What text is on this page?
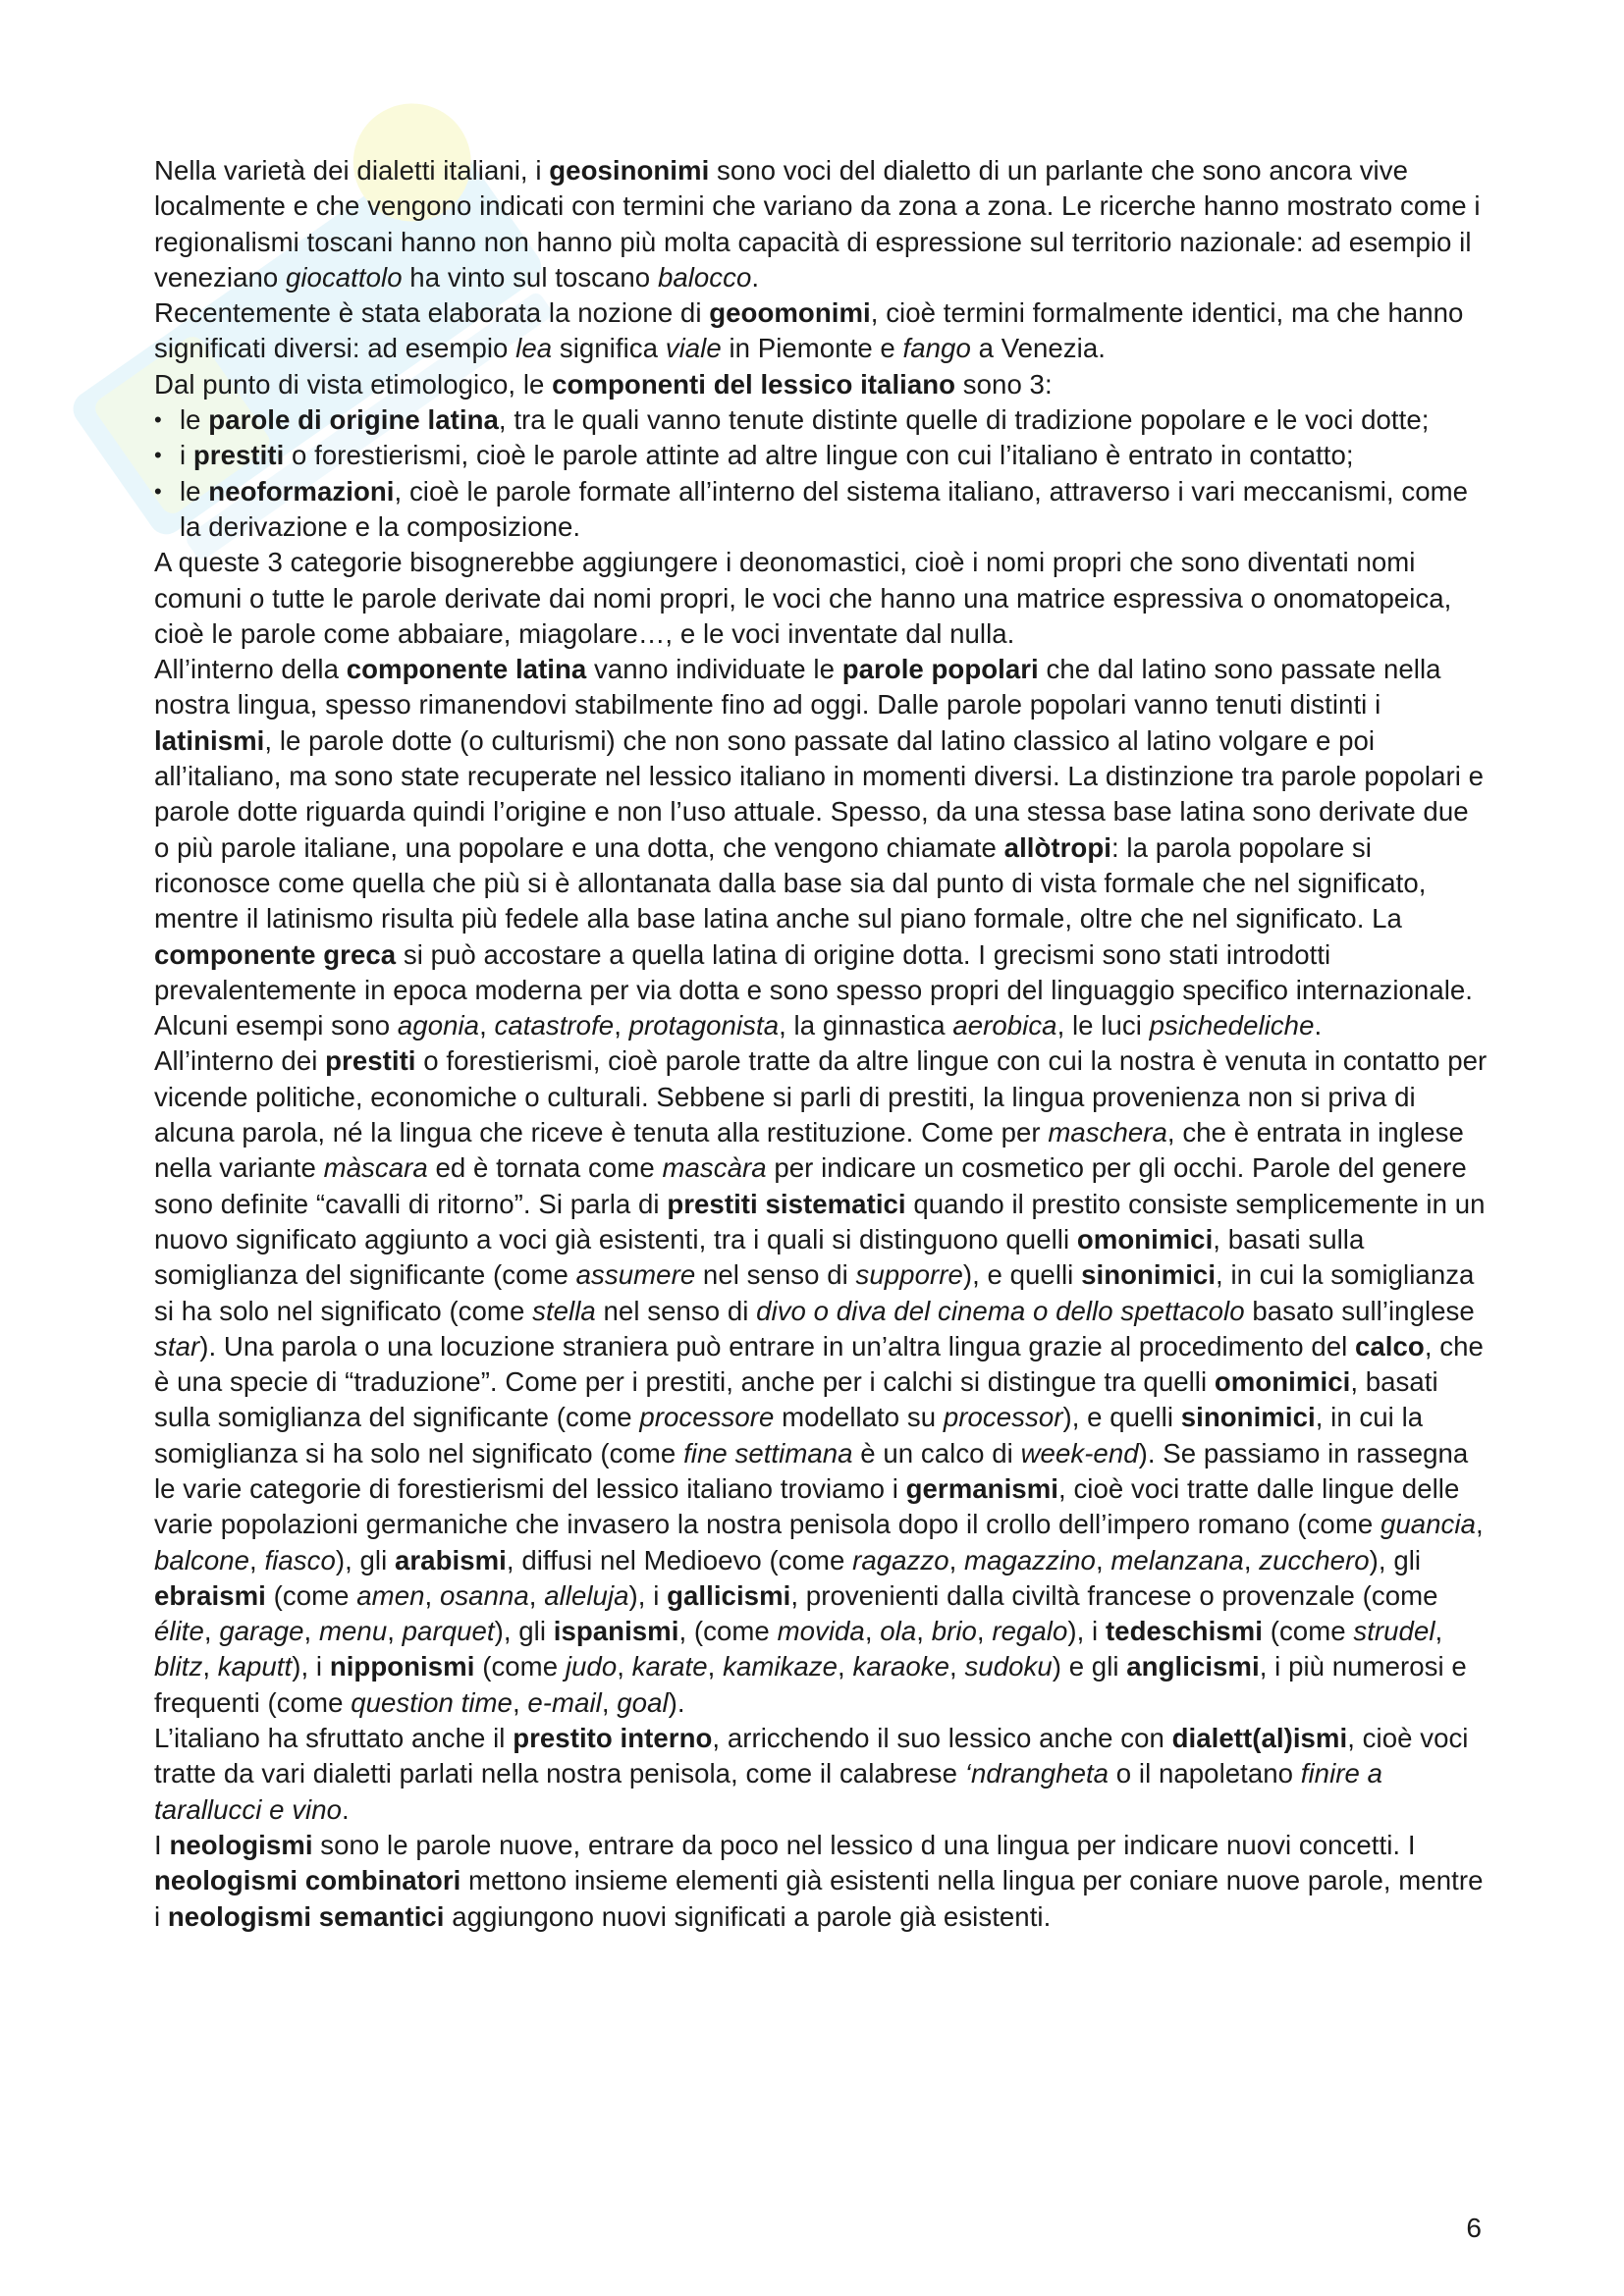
Nella varietà dei dialetti italiani, i geosinonimi sono voci del dialetto di un parlante che sono ancora vive localmente e che vengono indicati con termini che variano da zona a zona. Le ricerche hanno mostrato come i regionalismi toscani hanno non hanno più molta capacità di espressione sul territorio nazionale: ad esempio il veneziano giocattolo ha vinto sul toscano balocco.

Recentemente è stata elaborata la nozione di geoomonimi, cioè termini formalmente identici, ma che hanno significati diversi: ad esempio lea significa viale in Piemonte e fango a Venezia.

Dal punto di vista etimologico, le componenti del lessico italiano sono 3:

• le parole di origine latina, tra le quali vanno tenute distinte quelle di tradizione popolare e le voci dotte;
• i prestiti o forestierismi, cioè le parole attinte ad altre lingue con cui l’italiano è entrato in contatto;
• le neoformazioni, cioè le parole formate all’interno del sistema italiano, attraverso i vari meccanismi, come la derivazione e la composizione.

A queste 3 categorie bisognerebbe aggiungere i deonomastici, cioè i nomi propri che sono diventati nomi comuni o tutte le parole derivate dai nomi propri, le voci che hanno una matrice espressiva o onomatopeica, cioè le parole come abbaiare, miagolare…, e le voci inventate dal nulla.

All’interno della componente latina vanno individuate le parole popolari che dal latino sono passate nella nostra lingua, spesso rimanendovi stabilmente fino ad oggi. Dalle parole popolari vanno tenuti distinti i latinismi, le parole dotte (o culturismi) che non sono passate dal latino classico al latino volgare e poi all’italiano, ma sono state recuperate nel lessico italiano in momenti diversi. La distinzione tra parole popolari e parole dotte riguarda quindi l’origine e non l’uso attuale. Spesso, da una stessa base latina sono derivate due o più parole italiane, una popolare e una dotta, che vengono chiamate allòtropi: la parola popolare si riconosce come quella che più si è allontanata dalla base sia dal punto di vista formale che nel significato, mentre il latinismo risulta più fedele alla base latina anche sul piano formale, oltre che nel significato. La componente greca si può accostare a quella latina di origine dotta. I grecismi sono stati introdotti prevalentemente in epoca moderna per via dotta e sono spesso propri del linguaggio specifico internazionale. Alcuni esempi sono agonia, catastrofe, protagonista, la ginnastica aerobica, le luci psichedeliche.

All’interno dei prestiti o forestierismi, cioè parole tratte da altre lingue con cui la nostra è venuta in contatto per vicende politiche, economiche o culturali. Sebbene si parli di prestiti, la lingua provenienza non si priva di alcuna parola, né la lingua che riceve è tenuta alla restituzione. Come per maschera, che è entrata in inglese nella variante màscara ed è tornata come mascàra per indicare un cosmetico per gli occhi. Parole del genere sono definite “cavalli di ritorno”. Si parla di prestiti sistematici quando il prestito consiste semplicemente in un nuovo significato aggiunto a voci già esistenti, tra i quali si distinguono quelli omonimici, basati sulla somiglianza del significante (come assumere nel senso di supporre), e quelli sinonimici, in cui la somiglianza si ha solo nel significato (come stella nel senso di divo o diva del cinema o dello spettacolo basato sull’inglese star). Una parola o una locuzione straniera può entrare in un’altra lingua grazie al procedimento del calco, che è una specie di “traduzione”. Come per i prestiti, anche per i calchi si distingue tra quelli omonimici, basati sulla somiglianza del significante (come processore modellato su processor), e quelli sinonimici, in cui la somiglianza si ha solo nel significato (come fine settimana è un calco di week-end). Se passiamo in rassegna le varie categorie di forestierismi del lessico italiano troviamo i germanismi, cioè voci tratte dalle lingue delle varie popolazioni germaniche che invasero la nostra penisola dopo il crollo dell’impero romano (come guancia, balcone, fiasco), gli arabismi, diffusi nel Medioevo (come ragazzo, magazzino, melanzana, zucchero), gli ebraismi (come amen, osanna, alleluja), i gallicismi, provenienti dalla civiltà francese o provenzale (come élite, garage, menu, parquet), gli ispanismi, (come movida, ola, brio, regalo), i tedeschismi (come strudel, blitz, kaputt), i nipponismi (come judo, karate, kamikaze, karaoke, sudoku) e gli anglicismi, i più numerosi e frequenti (come question time, e-mail, goal).

L’italiano ha sfruttato anche il prestito interno, arricchendo il suo lessico anche con dialett(al)ismi, cioè voci tratte da vari dialetti parlati nella nostra penisola, come il calabrese ‘ndrangheta o il napoletano finire a tarallucci e vino.

I neologismi sono le parole nuove, entrare da poco nel lessico d una lingua per indicare nuovi concetti. I neologismi combinatori mettono insieme elementi già esistenti nella lingua per coniare nuove parole, mentre i neologismi semantici aggiungono nuovi significati a parole già esistenti.

6
